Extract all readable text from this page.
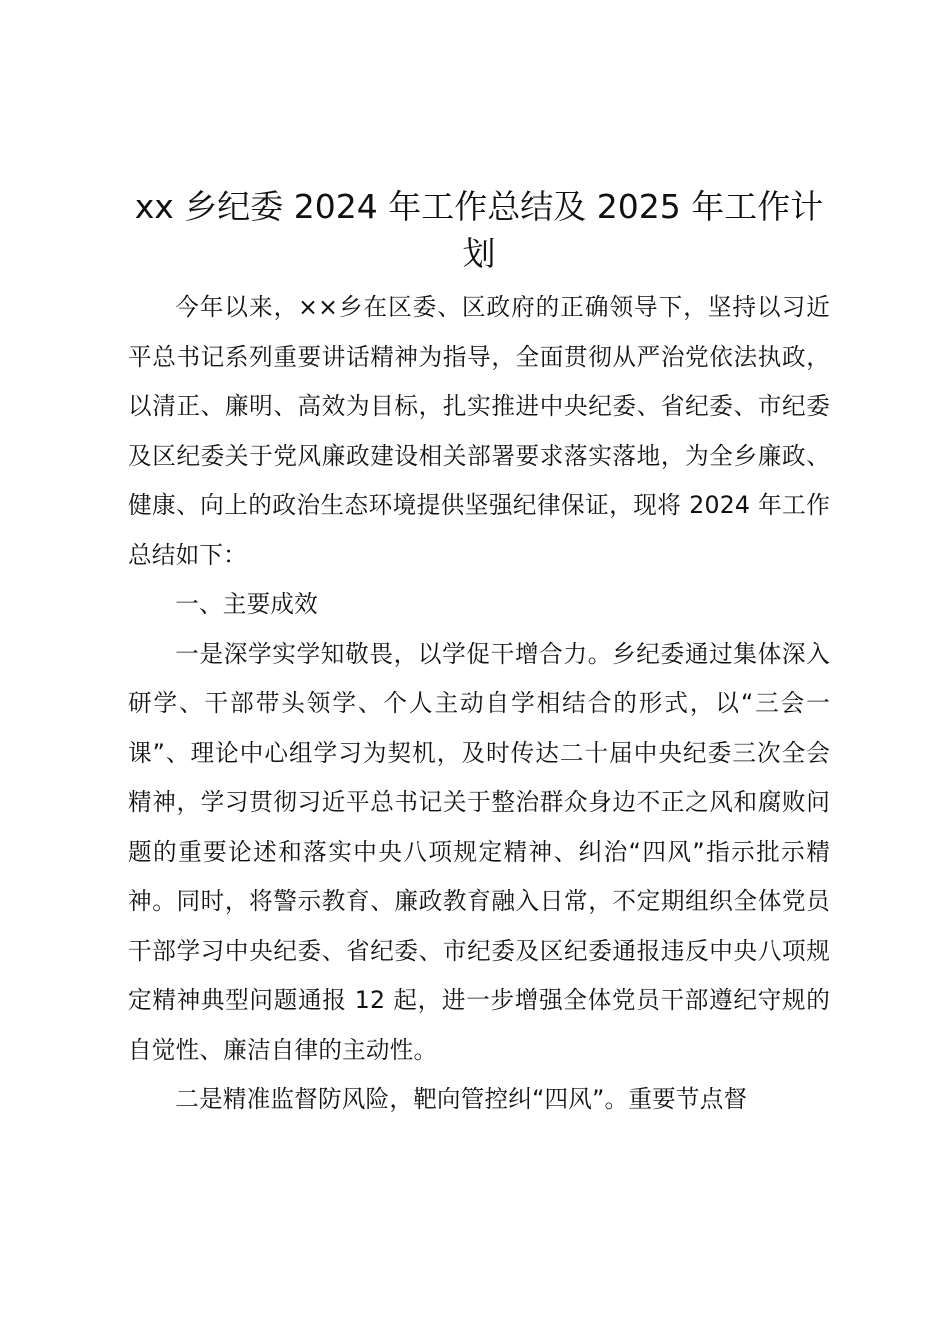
xx 乡纪委 2024 年工作总结及 2025 年工作计划

今年以来，××乡在区委、区政府的正确领导下，坚持以习近平总书记系列重要讲话精神为指导，全面贯彻从严治党依法执政，以清正、廉明、高效为目标，扎实推进中央纪委、省纪委、市纪委及区纪委关于党风廉政建设相关部署要求落实落地，为全乡廉政、健康、向上的政治生态环境提供坚强纪律保证，现将 2024 年工作总结如下：

一、主要成效

一是深学实学知敬畏，以学促干增合力。乡纪委通过集体深入研学、干部带头领学、个人主动自学相结合的形式，以“三会一课”、理论中心组学习为契机，及时传达二十届中央纪委三次全会精神，学习贯彻习近平总书记关于整治群众身边不正之风和腐败问题的重要论述和落实中央八项规定精神、纠治“四风”指示批示精神。同时，将警示教育、廉政教育融入日常，不定期组织全体党员干部学习中央纪委、省纪委、市纪委及区纪委通报违反中央八项规定精神典型问题通报 12 起，进一步增强全体党员干部遵纪守规的自觉性、廉洁自律的主动性。

二是精准监督防风险，靶向管控纠“四风”。重要节点督
